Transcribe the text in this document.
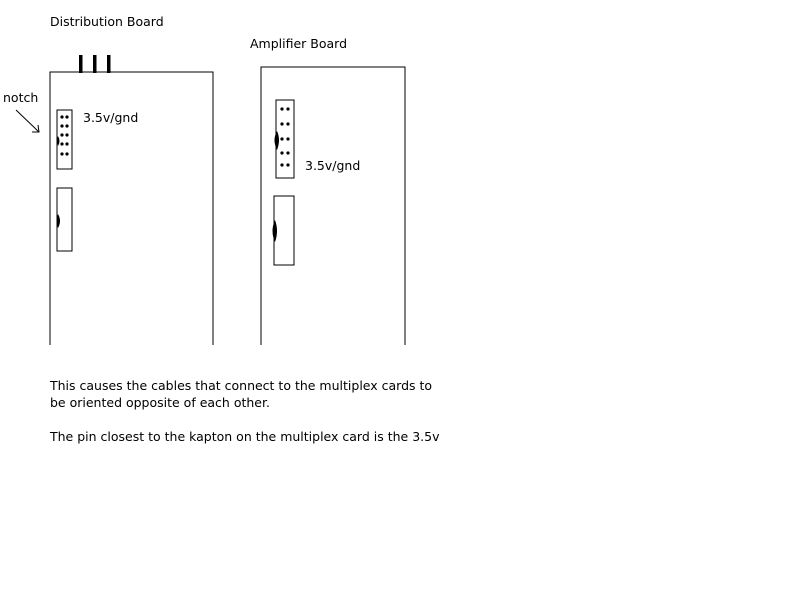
Distribution Board
Amplifier Board
notch
3.5v/gnd
3.5v/gnd
This causes the cables that connect to the multiplex cards to
be oriented opposite of each other.
The pin closest to the kapton on the multiplex card is the 3.5v
